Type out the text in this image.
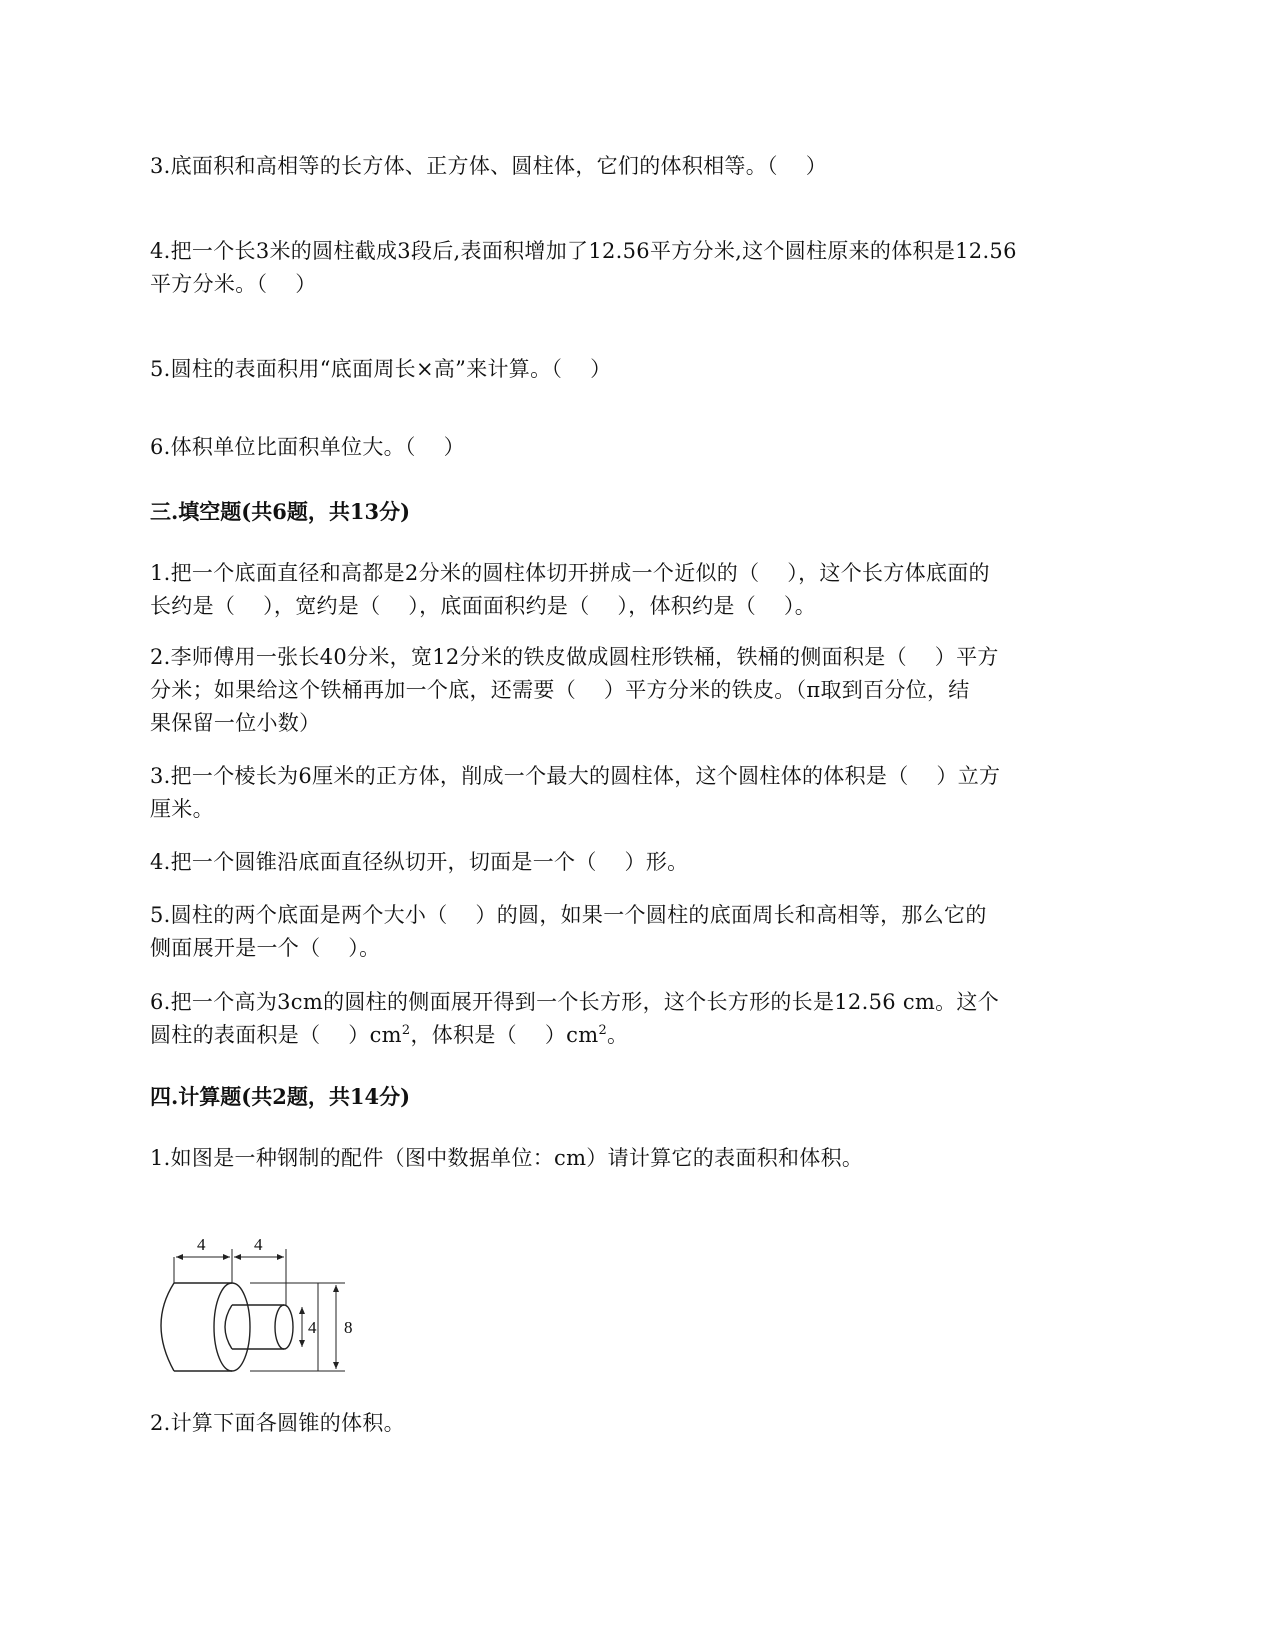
3.底面积和高相等的长方体、正方体、圆柱体，它们的体积相等。（    ）
4.把一个长3米的圆柱截成3段后,表面积增加了12.56平方分米,这个圆柱原来的体积是12.56
平方分米。（    ）
5.圆柱的表面积用“底面周长×高”来计算。（    ）
6.体积单位比面积单位大。（    ）
三.填空题(共6题，共13分)
1.把一个底面直径和高都是2分米的圆柱体切开拼成一个近似的（    ），这个长方体底面的
长约是（    ），宽约是（    ），底面面积约是（    ），体积约是（    ）。
2.李师傅用一张长40分米，宽12分米的铁皮做成圆柱形铁桶，铁桶的侧面积是（    ）平方
分米；如果给这个铁桶再加一个底，还需要（    ）平方分米的铁皮。（π取到百分位，结
果保留一位小数）
3.把一个棱长为6厘米的正方体，削成一个最大的圆柱体，这个圆柱体的体积是（    ）立方
厘米。
4.把一个圆锥沿底面直径纵切开，切面是一个（    ）形。
5.圆柱的两个底面是两个大小（    ）的圆，如果一个圆柱的底面周长和高相等，那么它的
侧面展开是一个（    ）。
6.把一个高为3cm的圆柱的侧面展开得到一个长方形，这个长方形的长是12.56 cm。这个
圆柱的表面积是（    ）$cm^2$，体积是（    ）$cm^2$。
四.计算题(共2题，共14分)
1.如图是一种钢制的配件（图中数据单位：cm）请计算它的表面积和体积。
4	4
4 8
2.计算下面各圆锥的体积。
